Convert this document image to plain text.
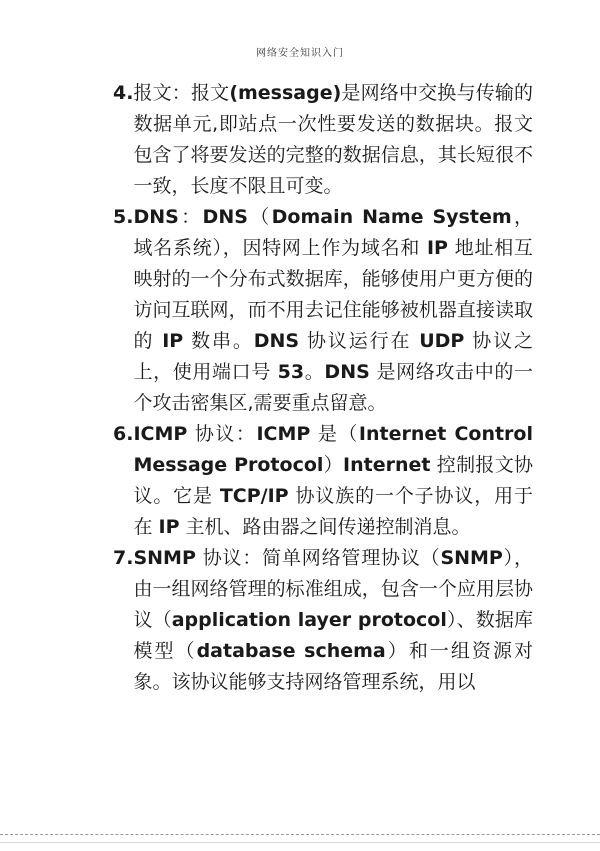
网络安全知识入门
4. 报文：报文(message)是网络中交换与传输的数据单元,即站点一次性要发送的数据块。报文包含了将要发送的完整的数据信息，其长短很不一致，长度不限且可变。
5. DNS：DNS（Domain Name System，域名系统），因特网上作为域名和 IP 地址相互映射的一个分布式数据库，能够使用户更方便的访问互联网，而不用去记住能够被机器直接读取的 IP 数串。DNS 协议运行在 UDP 协议之上，使用端口号 53。DNS 是网络攻击中的一个攻击密集区,需要重点留意。
6. ICMP 协议：ICMP 是（Internet Control Message Protocol）Internet 控制报文协议。它是 TCP/IP 协议族的一个子协议，用于在 IP 主机、路由器之间传递控制消息。
7. SNMP 协议：简单网络管理协议（SNMP），由一组网络管理的标准组成，包含一个应用层协议（application layer protocol）、数据库模型（database schema）和一组资源对象。该协议能够支持网络管理系统，用以
